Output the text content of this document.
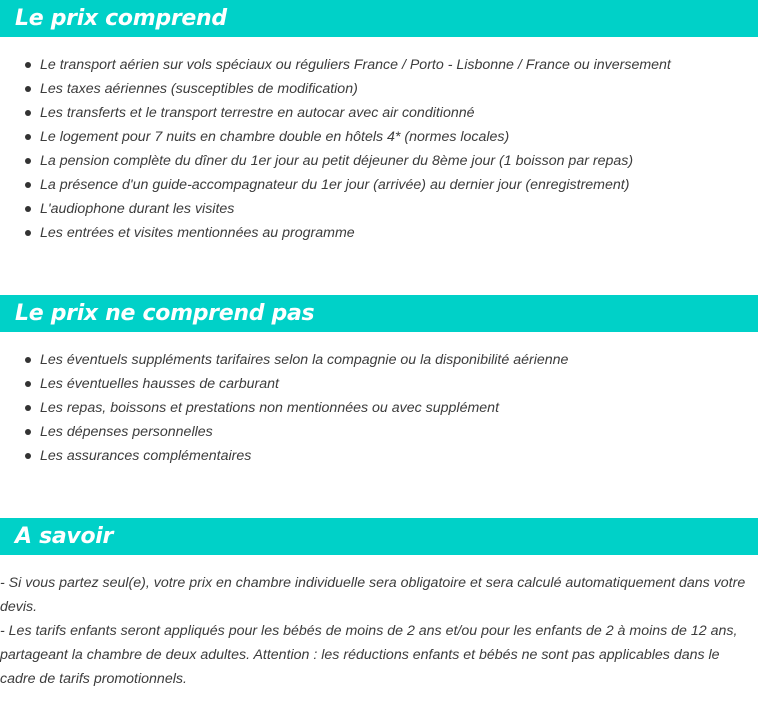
Le prix comprend
Le transport aérien sur vols spéciaux ou réguliers France / Porto - Lisbonne / France ou inversement
Les taxes aériennes (susceptibles de modification)
Les transferts et le transport terrestre en autocar avec air conditionné
Le logement pour 7 nuits en chambre double en hôtels 4* (normes locales)
La pension complète du dîner du 1er jour au petit déjeuner du 8ème jour (1 boisson par repas)
La présence d'un guide-accompagnateur du 1er jour (arrivée) au dernier jour (enregistrement)
L'audiophone durant les visites
Les entrées et visites mentionnées au programme
Le prix ne comprend pas
Les éventuels suppléments tarifaires selon la compagnie ou la disponibilité aérienne
Les éventuelles hausses de carburant
Les repas, boissons et prestations non mentionnées ou avec supplément
Les dépenses personnelles
Les assurances complémentaires
A savoir

- Si vous partez seul(e), votre prix en chambre individuelle sera obligatoire et sera calculé automatiquement dans votre devis.

- Les tarifs enfants seront appliqués pour les bébés de moins de 2 ans et/ou pour les enfants de 2 à moins de 12 ans, partageant la chambre de deux adultes. Attention : les réductions enfants et bébés ne sont pas applicables dans le cadre de tarifs promotionnels.
